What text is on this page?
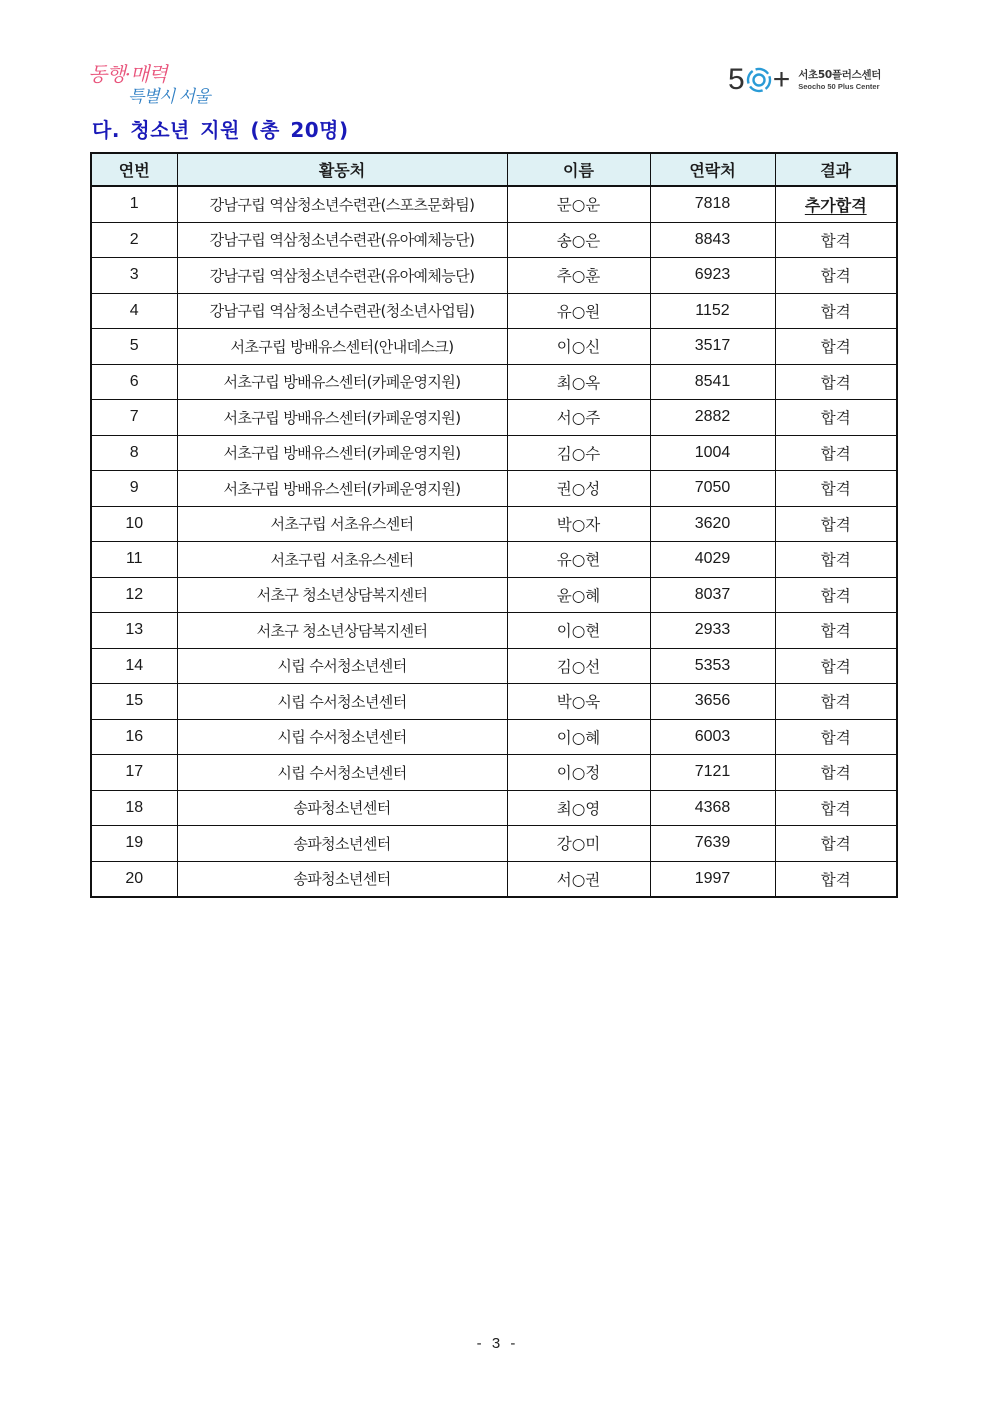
동행·매력
특별시 서울
5 + 서초50플러스센터
Seocho 50 Plus Center
다. 청소년 지원 (총 20명)
연번	활동처	이름	연락처	결과
1	강남구립 역삼청소년수련관(스포츠문화팀)	문○운	7818	추가합격
2	강남구립 역삼청소년수련관(유아예체능단)	송○은	8843	합격
3	강남구립 역삼청소년수련관(유아예체능단)	추○훈	6923	합격
4	강남구립 역삼청소년수련관(청소년사업팀)	유○원	1152	합격
5	서초구립 방배유스센터(안내데스크)	이○신	3517	합격
6	서초구립 방배유스센터(카페운영지원)	최○옥	8541	합격
7	서초구립 방배유스센터(카페운영지원)	서○주	2882	합격
8	서초구립 방배유스센터(카페운영지원)	김○수	1004	합격
9	서초구립 방배유스센터(카페운영지원)	권○성	7050	합격
10	서초구립 서초유스센터	박○자	3620	합격
11	서초구립 서초유스센터	유○현	4029	합격
12	서초구 청소년상담복지센터	윤○혜	8037	합격
13	서초구 청소년상담복지센터	이○현	2933	합격
14	시립 수서청소년센터	김○선	5353	합격
15	시립 수서청소년센터	박○욱	3656	합격
16	시립 수서청소년센터	이○혜	6003	합격
17	시립 수서청소년센터	이○정	7121	합격
18	송파청소년센터	최○영	4368	합격
19	송파청소년센터	강○미	7639	합격
20	송파청소년센터	서○권	1997	합격
- 3 -
